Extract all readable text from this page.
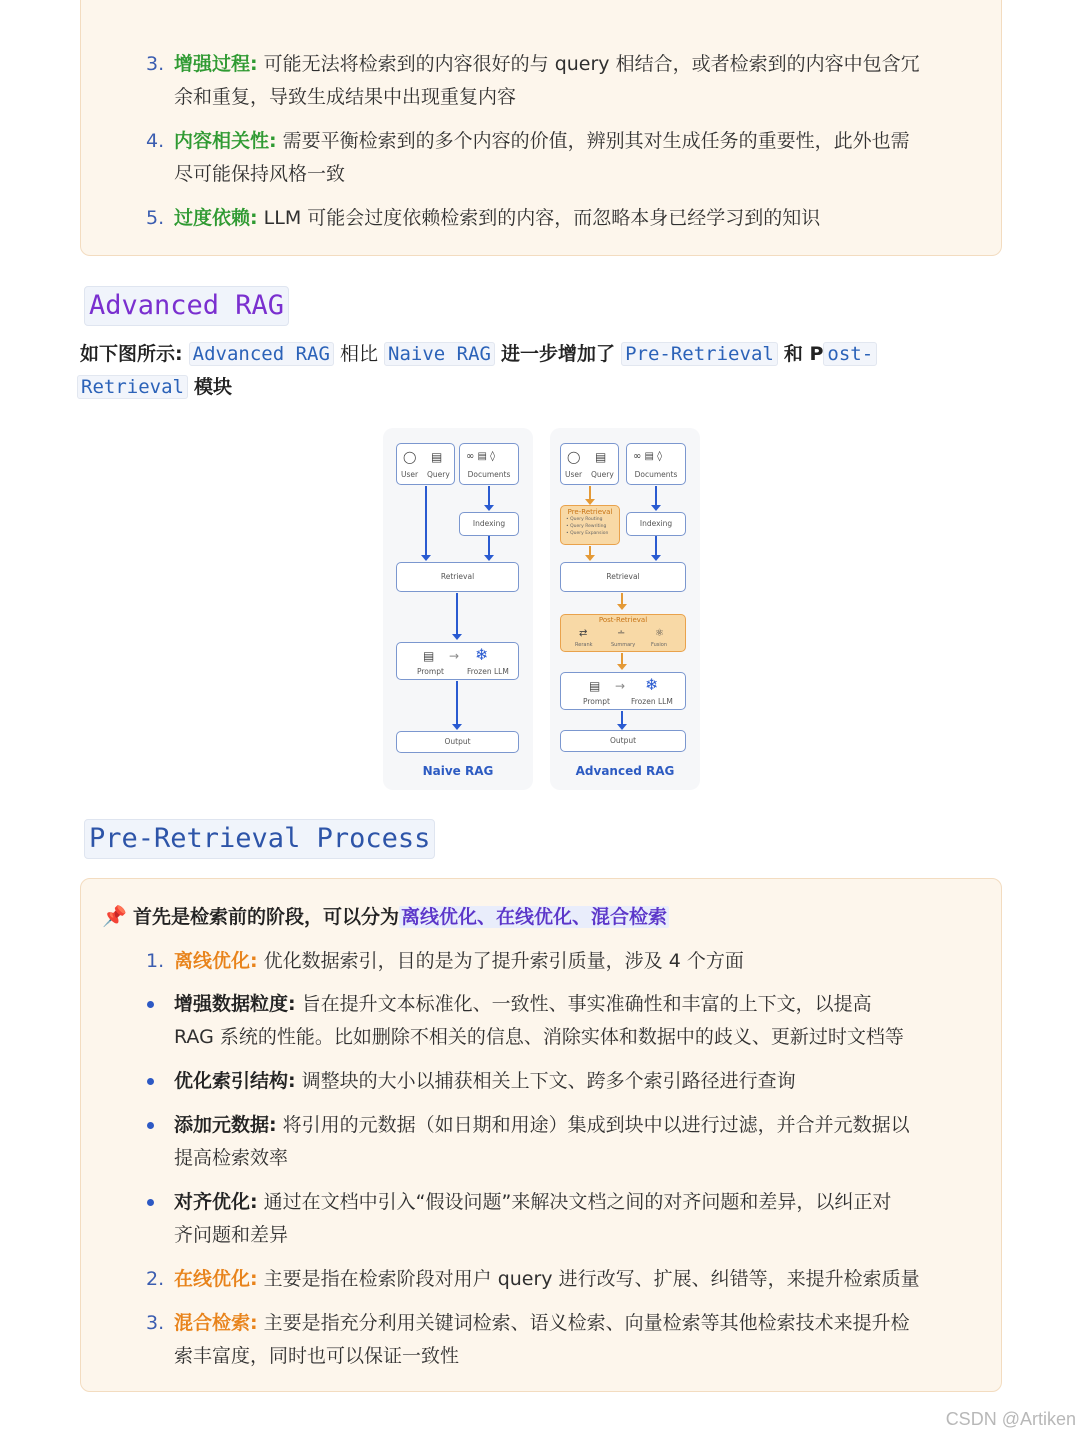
3. 增强过程: 可能无法将检索到的内容很好的与 query 相结合，或者检索到的内容中包含冗
余和重复，导致生成结果中出现重复内容
4. 内容相关性: 需要平衡检索到的多个内容的价值，辨别其对生成任务的重要性，此外也需
尽可能保持风格一致
5. 过度依赖: LLM 可能会过度依赖检索到的内容，而忽略本身已经学习到的知识
Advanced RAG
如下图所示: Advanced RAG 相比 Naive RAG 进一步增加了 Pre-Retrieval 和 P ost-
Retrieval 模块
◯ ▤
User Query
∞ ▤ ◊
Documents
Indexing
Retrieval
▤ → ❄
Prompt	Frozen LLM
Output
Naive RAG
◯ ▤
User Query
∞ ▤ ◊
Documents
Pre-Retrieval
• Query Routing
• Query Rewriting
• Query Expansion
Indexing
Retrieval
Post-Retrieval
⇄	∸	⚛
Rerank	Summary	Fusion
▤ → ❄
Prompt	Frozen LLM
Output
Advanced RAG
Pre-Retrieval Process
📌 首先是检索前的阶段，可以分为 离线优化、在线优化、混合检索
1. 离线优化: 优化数据索引，目的是为了提升索引质量，涉及 4 个方面
增强数据粒度: 旨在提升文本标准化、一致性、事实准确性和丰富的上下文，以提高
RAG 系统的性能。比如删除不相关的信息、消除实体和数据中的歧义、更新过时文档等
优化索引结构: 调整块的大小以捕获相关上下文、跨多个索引路径进行查询
添加元数据: 将引用的元数据（如日期和用途）集成到块中以进行过滤，并合并元数据以
提高检索效率
对齐优化: 通过在文档中引入“假设问题”来解决文档之间的对齐问题和差异，以纠正对
齐问题和差异
2. 在线优化: 主要是指在检索阶段对用户 query 进行改写、扩展、纠错等，来提升检索质量
3. 混合检索: 主要是指充分利用关键词检索、语义检索、向量检索等其他检索技术来提升检
索丰富度，同时也可以保证一致性
CSDN @Artiken
